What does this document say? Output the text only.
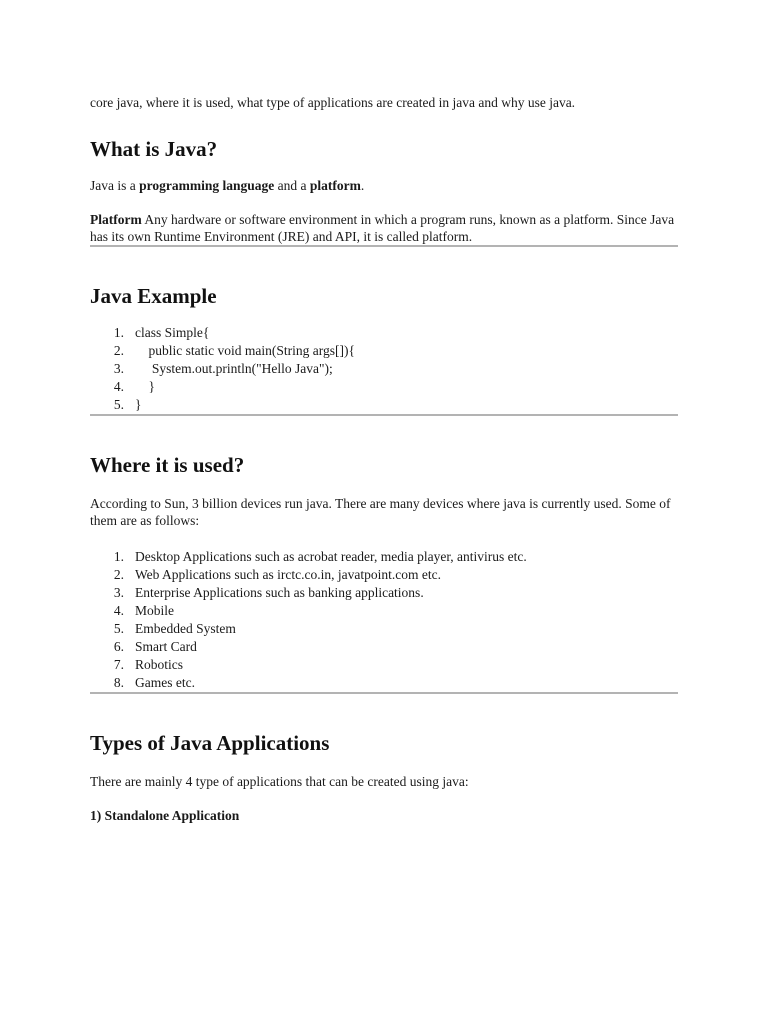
core java, where it is used, what type of applications are created in java and why use java.

What is Java?

Java is a programming language and a platform.

Platform Any hardware or software environment in which a program runs, known as a platform. Since Java has its own Runtime Environment (JRE) and API, it is called platform.

Java Example
1. class Simple{
2. public static void main(String args[]){
3. System.out.println("Hello Java");
4. }
5. }
Where it is used?

According to Sun, 3 billion devices run java. There are many devices where java is currently used. Some of them are as follows:

1. Desktop Applications such as acrobat reader, media player, antivirus etc.
2. Web Applications such as irctc.co.in, javatpoint.com etc.
3. Enterprise Applications such as banking applications.
4. Mobile
5. Embedded System
6. Smart Card
7. Robotics
8. Games etc.
Types of Java Applications

There are mainly 4 type of applications that can be created using java:

1) Standalone Application
